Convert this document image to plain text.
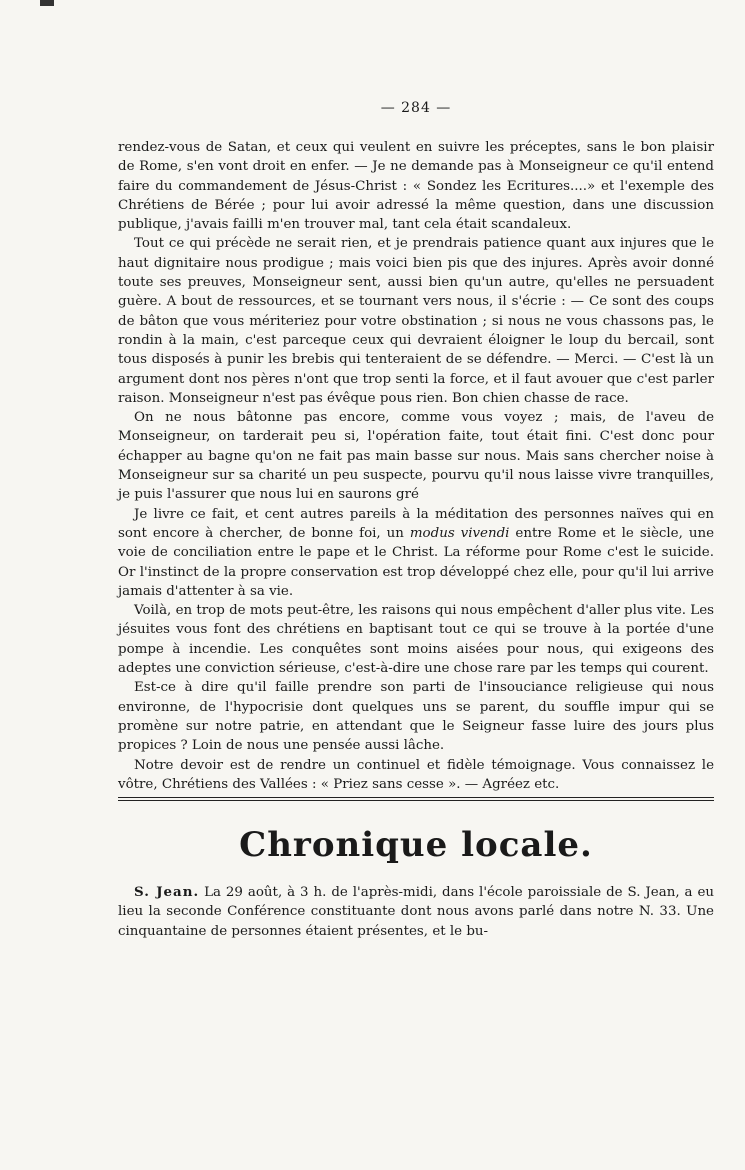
— 284 —

rendez-vous de Satan, et ceux qui veulent en suivre les préceptes, sans le bon plaisir de Rome, s'en vont droit en enfer. — Je ne demande pas à Monseigneur ce qu'il entend faire du commandement de Jésus-Christ : « Sondez les Ecritures....» et l'exemple des Chrétiens de Bérée ; pour lui avoir adressé la même question, dans une discussion publique, j'avais failli m'en trouver mal, tant cela était scandaleux.

Tout ce qui précède ne serait rien, et je prendrais patience quant aux injures que le haut dignitaire nous prodigue ; mais voici bien pis que des injures. Après avoir donné toute ses preuves, Monseigneur sent, aussi bien qu'un autre, qu'elles ne persuadent guère. A bout de ressources, et se tournant vers nous, il s'écrie : — Ce sont des coups de bâton que vous mériteriez pour votre obstination ; si nous ne vous chassons pas, le rondin à la main, c'est parceque ceux qui devraient éloigner le loup du bercail, sont tous disposés à punir les brebis qui tenteraient de se défendre. — Merci. — C'est là un argument dont nos pères n'ont que trop senti la force, et il faut avouer que c'est parler raison. Monseigneur n'est pas évêque pous rien. Bon chien chasse de race.

On ne nous bâtonne pas encore, comme vous voyez ; mais, de l'aveu de Monseigneur, on tarderait peu si, l'opération faite, tout était fini. C'est donc pour échapper au bagne qu'on ne fait pas main basse sur nous. Mais sans chercher noise à Monseigneur sur sa charité un peu suspecte, pourvu qu'il nous laisse vivre tranquilles, je puis l'assurer que nous lui en saurons gré

Je livre ce fait, et cent autres pareils à la méditation des personnes naïves qui en sont encore à chercher, de bonne foi, un modus vivendi entre Rome et le siècle, une voie de conciliation entre le pape et le Christ. La réforme pour Rome c'est le suicide. Or l'instinct de la propre conservation est trop développé chez elle, pour qu'il lui arrive jamais d'attenter à sa vie.

Voilà, en trop de mots peut-être, les raisons qui nous empêchent d'aller plus vite. Les jésuites vous font des chrétiens en baptisant tout ce qui se trouve à la portée d'une pompe à incendie. Les conquêtes sont moins aisées pour nous, qui exigeons des adeptes une conviction sérieuse, c'est-à-dire une chose rare par les temps qui courent.

Est-ce à dire qu'il faille prendre son parti de l'insouciance religieuse qui nous environne, de l'hypocrisie dont quelques uns se parent, du souffle impur qui se promène sur notre patrie, en attendant que le Seigneur fasse luire des jours plus propices ? Loin de nous une pensée aussi lâche.

Notre devoir est de rendre un continuel et fidèle témoignage. Vous connaissez le vôtre, Chrétiens des Vallées : « Priez sans cesse ». — Agréez etc.

Chronique locale.

S. Jean. La 29 août, à 3 h. de l'après-midi, dans l'école paroissiale de S. Jean, a eu lieu la seconde Conférence constituante dont nous avons parlé dans notre N. 33. Une cinquantaine de personnes étaient présentes, et le bu-
